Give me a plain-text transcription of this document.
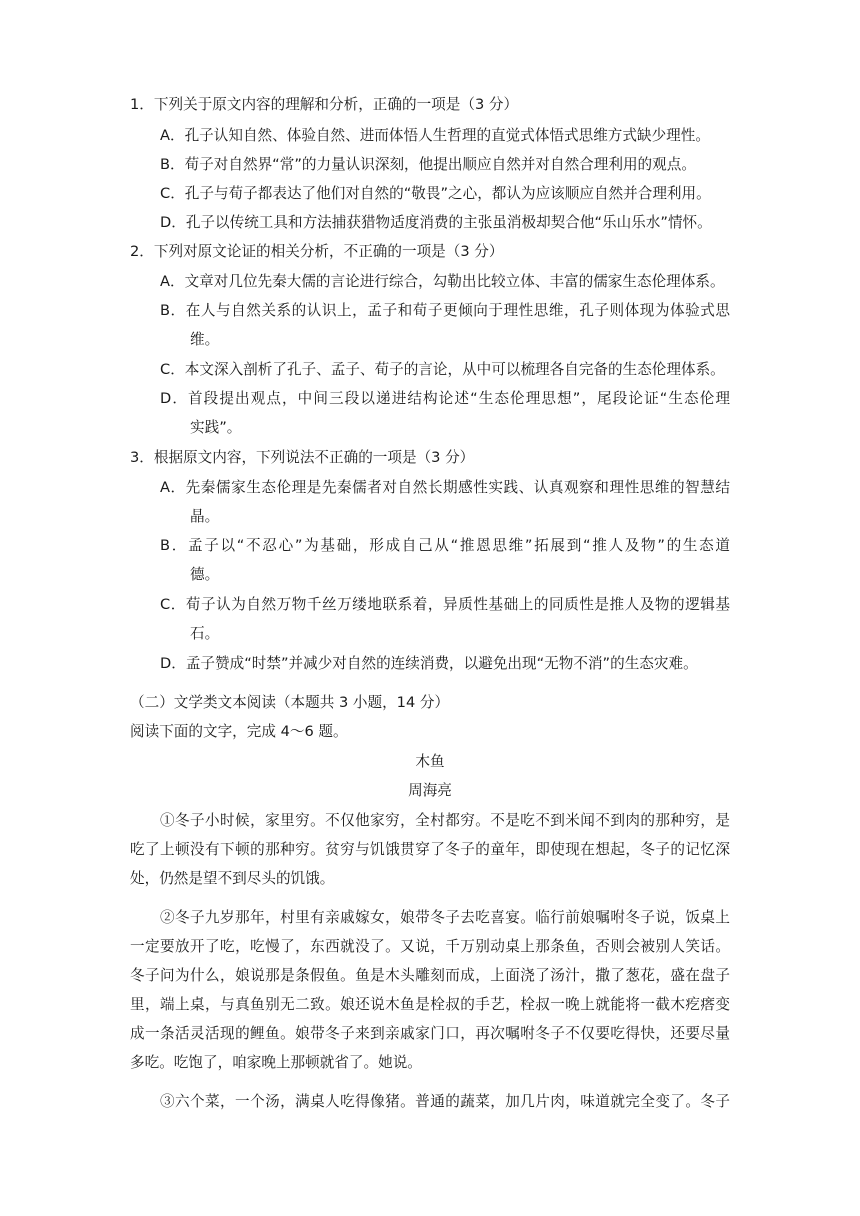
1．下列关于原文内容的理解和分析，正确的一项是（3 分）
A．孔子认知自然、体验自然、进而体悟人生哲理的直觉式体悟式思维方式缺少理性。
B．荀子对自然界“常”的力量认识深刻，他提出顺应自然并对自然合理利用的观点。
C．孔子与荀子都表达了他们对自然的“敬畏”之心，都认为应该顺应自然并合理利用。
D．孔子以传统工具和方法捕获猎物适度消费的主张虽消极却契合他“乐山乐水”情怀。
2．下列对原文论证的相关分析，不正确的一项是（3 分）
A．文章对几位先秦大儒的言论进行综合，勾勒出比较立体、丰富的儒家生态伦理体系。
B．在人与自然关系的认识上，孟子和荀子更倾向于理性思维，孔子则体现为体验式思
维。
C．本文深入剖析了孔子、孟子、荀子的言论，从中可以梳理各自完备的生态伦理体系。
D．首段提出观点，中间三段以递进结构论述“生态伦理思想”，尾段论证“生态伦理
实践”。
3．根据原文内容，下列说法不正确的一项是（3 分）
A．先秦儒家生态伦理是先秦儒者对自然长期感性实践、认真观察和理性思维的智慧结
晶。
B．孟子以“不忍心”为基础，形成自己从“推恩思维”拓展到“推人及物”的生态道
德。
C．荀子认为自然万物千丝万缕地联系着，异质性基础上的同质性是推人及物的逻辑基
石。
D．孟子赞成“时禁”并减少对自然的连续消费，以避免出现“无物不消”的生态灾难。
（二）文学类文本阅读（本题共 3 小题，14 分）
阅读下面的文字，完成 4～6 题。
木鱼
周海亮
①冬子小时候，家里穷。不仅他家穷，全村都穷。不是吃不到米闻不到肉的那种穷，是
吃了上顿没有下顿的那种穷。贫穷与饥饿贯穿了冬子的童年，即使现在想起，冬子的记忆深
处，仍然是望不到尽头的饥饿。
②冬子九岁那年，村里有亲戚嫁女，娘带冬子去吃喜宴。临行前娘嘱咐冬子说，饭桌上
一定要放开了吃，吃慢了，东西就没了。又说，千万别动桌上那条鱼，否则会被别人笑话。
冬子问为什么，娘说那是条假鱼。鱼是木头雕刻而成，上面浇了汤汁，撒了葱花，盛在盘子
里，端上桌，与真鱼别无二致。娘还说木鱼是栓叔的手艺，栓叔一晚上就能将一截木疙瘩变
成一条活灵活现的鲤鱼。娘带冬子来到亲戚家门口，再次嘱咐冬子不仅要吃得快，还要尽量
多吃。吃饱了，咱家晚上那顿就省了。她说。
③六个菜，一个汤，满桌人吃得像猪。普通的蔬菜，加几片肉，味道就完全变了。冬子
